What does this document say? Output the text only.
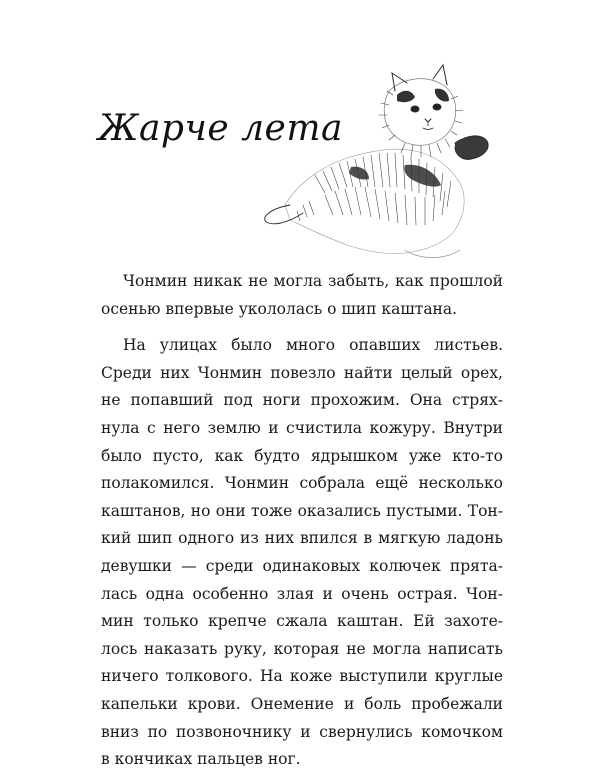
Жарче лета
Чонмин никак не могла забыть, как прошлой
осенью впервые укололась о шип каштана.
На улицах было много опавших листьев.
Среди них Чонмин повезло найти целый орех,
не попавший под ноги прохожим. Она стрях-
нула с него землю и счистила кожуру. Внутри
было пусто, как будто ядрышком уже кто-то
полакомился. Чонмин собрала ещё несколько
каштанов, но они тоже оказались пустыми. Тон-
кий шип одного из них впился в мягкую ладонь
девушки — среди одинаковых колючек прята-
лась одна особенно злая и очень острая. Чон-
мин только крепче сжала каштан. Ей захоте-
лось наказать руку, которая не могла написать
ничего толкового. На коже выступили круглые
капельки крови. Онемение и боль пробежали
вниз по позвоночнику и свернулись комочком
в кончиках пальцев ног.
